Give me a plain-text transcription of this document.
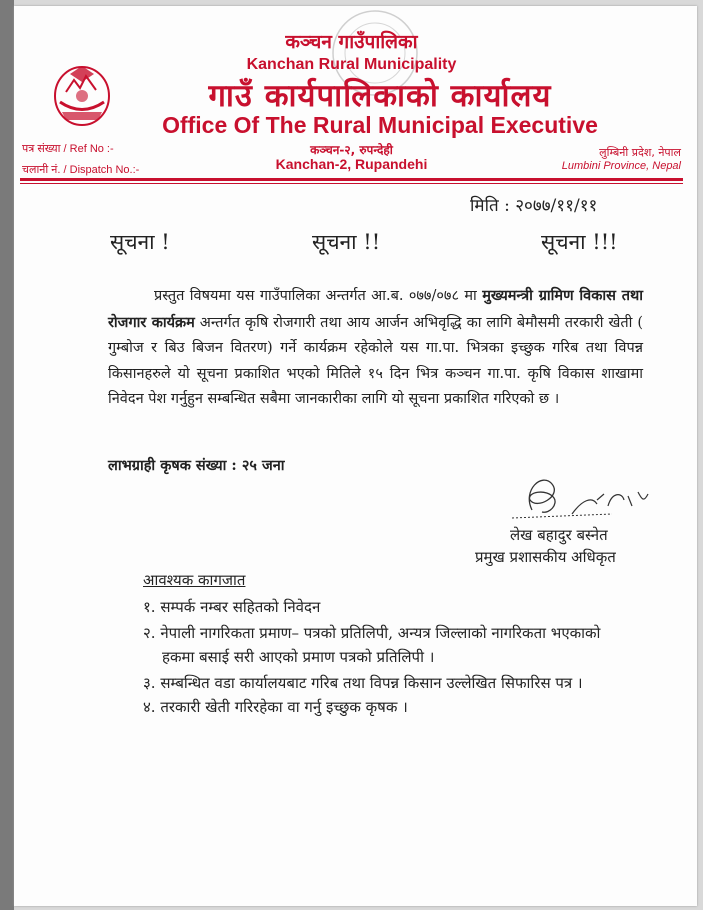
कञ्चन गाउँपालिका
Kanchan Rural Municipality
गाउँ कार्यपालिकाको कार्यालय
Office Of The Rural Municipal Executive
कञ्चन-२, रुपन्देही
Kanchan-2, Rupandehi
पत्र संख्या / Ref No :-
चलानी नं. / Dispatch No.:-
लुम्बिनी प्रदेश, नेपाल
Lumbini Province, Nepal
मिति : २०७७/११/११
सूचना !	सूचना !!	सूचना !!!
प्रस्तुत विषयमा यस गाउँपालिका अन्तर्गत आ.ब. ०७७/०७८ मा मुख्यमन्त्री ग्रामिण विकास तथा रोजगार कार्यक्रम अन्तर्गत कृषि रोजगारी तथा आय आर्जन अभिवृद्धि का लागि बेमौसमी तरकारी खेती ( गुम्बोज र बिउ बिजन वितरण) गर्ने कार्यक्रम रहेकोले यस गा.पा. भित्रका इच्छुक गरिब तथा विपन्न किसानहरुले यो सूचना प्रकाशित भएको मितिले १५ दिन भित्र कञ्चन गा.पा. कृषि विकास शाखामा निवेदन पेश गर्नुहुन सम्बन्धित सबैमा जानकारीका लागि यो सूचना प्रकाशित गरिएको छ ।
लाभग्राही कृषक संख्या : २५ जना
लेख बहादुर बस्नेत
प्रमुख प्रशासकीय अधिकृत
आवश्यक कागजात
१. सम्पर्क नम्बर सहितको निवेदन
२. नेपाली नागरिकता प्रमाण– पत्रको प्रतिलिपी, अन्यत्र जिल्लाको नागरिकता भएकाको
हकमा बसाई सरी आएको प्रमाण पत्रको प्रतिलिपी ।
३. सम्बन्धित वडा कार्यालयबाट गरिब तथा विपन्न किसान उल्लेखित सिफारिस पत्र ।
४. तरकारी खेती गरिरहेका वा गर्नु इच्छुक कृषक ।
